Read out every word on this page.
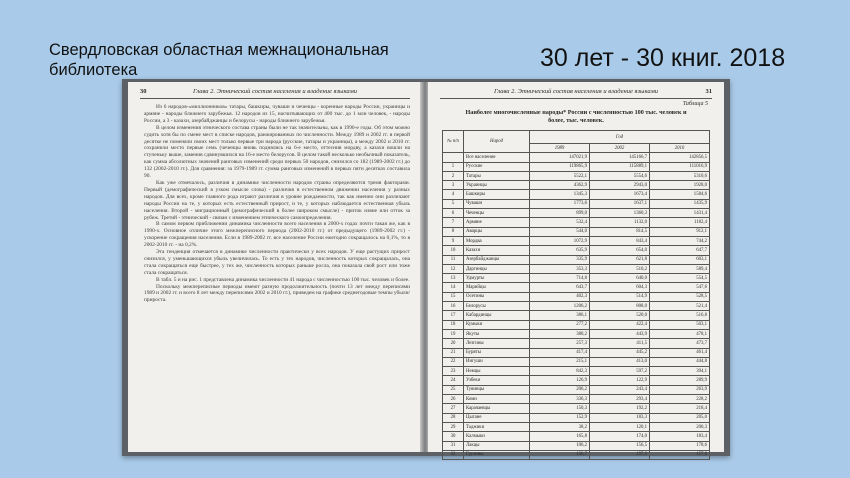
Свердловская областная межнациональная библиотека	30 лет - 30 книг. 2018
30	Глава 2. Этнический состав населения и владение языками

Из 6 народов-«миллионников» татары, башкиры, чуваши и чеченцы - коренные народы России, украинцы и армяне - народы ближнего зарубежья. 12 народов из 15, насчитывающих от 400 тыс. до 1 млн человек, - народы России, а 3 - казахи, азербайджанцы и белорусы - народы ближнего зарубежья.

В целом изменения этнического состава страны были не так значительны, как в 1990-е годы. Об этом можно судить хотя бы по смене мест в списке народов, ранжированных по численности. Между 1989 и 2002 гг. в первой десятке не поменяли своих мест только первые три народа (русские, татары и украинцы), а между 2002 и 2010 гг. сохранили место первые семь (чеченцы вновь поднялись на 6-е место, оттеснив мордву, а казахи вошли на ступеньку выше, заменив сдвинувшихся на 16-е место белорусов. В целом такой несколько необычный показатель, как сумма абсолютных значений ранговых изменений среди первых 50 народов, снизился со 182 (1989-2002 гг.) до 132 (2002-2010 гг.). Для сравнения: за 1979-1989 гг. сумма ранговых изменений в первых пяти десятках составила 90.

Как уже отмечалось, различия в динамике численности народов страны определяются тремя факторами. Первый (демографический в узком смысле слова) - различия в естественном движении населения у разных народов. Для всех, кроме главного рода играют различия в уровне рождаемости, так как именно они различают народы России на те, у которых есть естественный прирост, и те, у которых наблюдается естественная убыль населения. Второй - миграционный (демографический в более широком смысле) - приток извне или отток за рубеж. Третий - этнический - связан с изменением этнического самоопределения.

В самом первом приближении динамика численности всего населения в 2000-х годах почти такая же, как в 1990-х. Основное отличие этого межпереписного периода (2002-2010 гг.) от предыдущего (1989-2002 гг.) - ускорение сокращения населения. Если в 1989-2002 гг. все население России ежегодно сокращалось на 0,1%, то в 2002-2010 гг. - на 0,2%.

Эта тенденция отмечается в динамике численности практически у всех народов. У еще растущих прирост снизился, у уменьшающихся убыль увеличилась. То есть у тех народов, численность которых сокращалась, она стала сокращаться еще быстрее, у тех же, численность которых раньше росла, она показала свой рост или тоже стала сокращаться.

В табл. 5 и на рис. 1 представлена динамика численности 41 народа с численностью 100 тыс. человек и более.

Поскольку межпереписные периоды имеют разную продолжительность (почти 13 лет между переписями 1989 и 2002 гг. и всего 8 лет между переписями 2002 и 2010 гг.), приведем на графике среднегодовые темпы убыли/прироста.

Глава 2. Этнический состав населения и владение языками	31
Таблица 5
Наиболее многочисленные народы* России с численностью 100 тыс. человек и более, тыс. человек.
№ п/п	Народ	Год		
		1989	2002	2010
	Все население	147021,9	145166,7	142856,5
1	Русские	119865,9	115889,1	111016,9
2	Татары	5522,1	5554,6	5310,6
3	Украинцы	4362,9	2943,0	1928,0
4	Башкиры	1345,3	1673,4	1584,6
5	Чуваши	1773,6	1637,1	1435,9
6	Чеченцы	899,0	1360,3	1431,4
7	Армяне	532,4	1132,0	1182,4
8	Аварцы	544,0	814,5	912,1
9	Мордва	1072,9	843,4	744,2
10	Казахи	635,9	654,0	647,7
11	Азербайджанцы	335,9	621,8	603,1
12	Даргинцы	353,3	510,2	589,4
13	Удмурты	714,8	640,0	554,5
14	Марийцы	643,7	604,3	547,6
15	Осетины	402,3	514,9	528,5
16	Белорусы	1206,2	808,0	521,4
17	Кабардинцы	386,1	520,0	516,8
18	Кумыки	277,2	422,4	503,1
19	Якуты	380,2	443,9	478,1
20	Лезгины	257,3	411,5	473,7
21	Буряты	417,4	445,2	461,4
22	Ингуши	215,1	413,0	444,8
23	Немцы	842,3	597,2	394,1
24	Узбеки	126,9	122,9	289,9
25	Тувинцы	206,2	243,4	263,9
26	Коми	336,3	293,4	228,2
27	Карачаевцы	150,3	192,2	218,4
28	Цыгане	152,9	183,3	205,0
29	Таджики	38,2	120,1	200,3
30	Калмыки	165,8	174,0	183,4
31	Лакцы	106,2	156,5	178,6
32	Грузины	130,7	197,9	157,8
